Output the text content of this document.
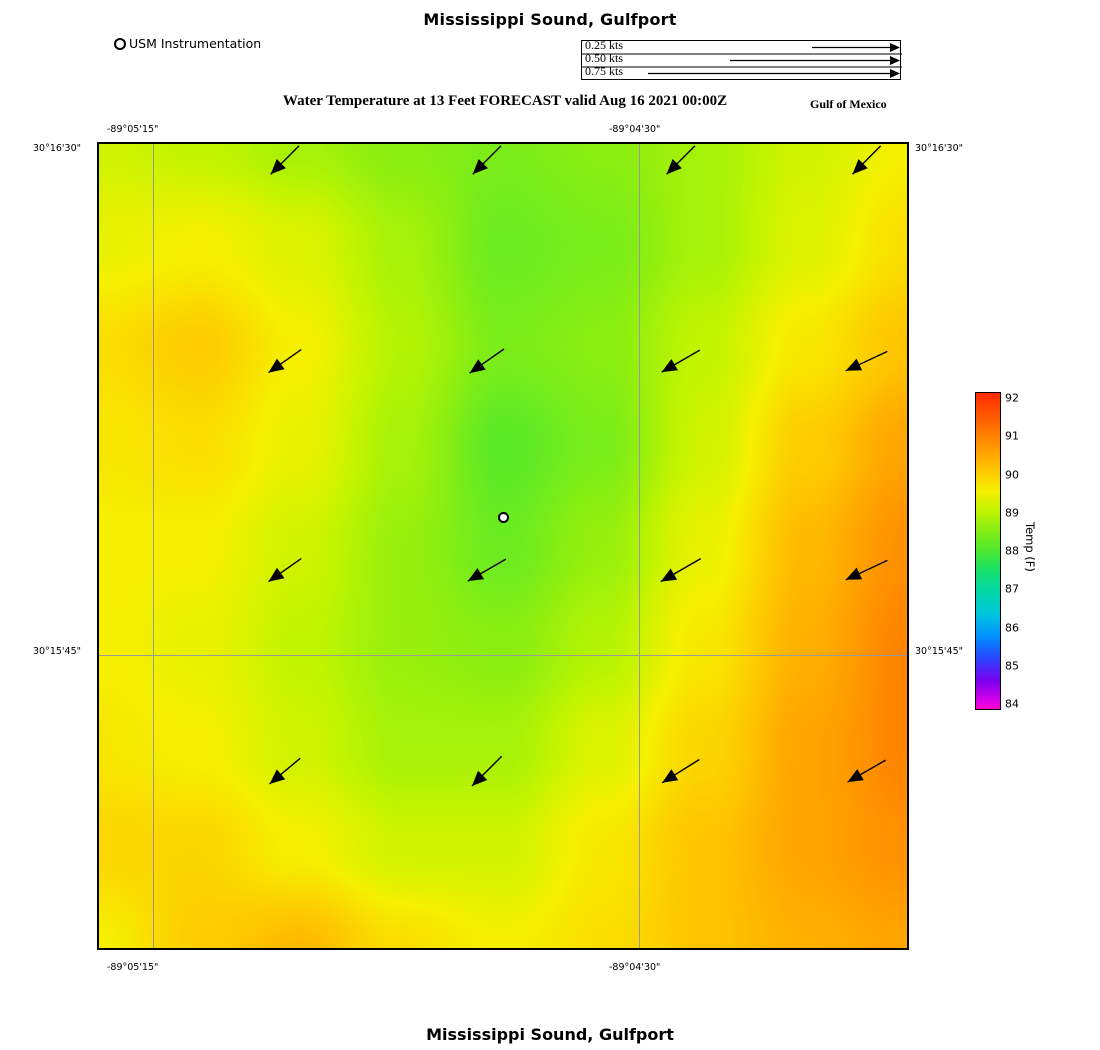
Mississippi Sound, Gulfport
Mississippi Sound, Gulfport
Water Temperature at 13 Feet FORECAST valid Aug 16 2021 00:00Z	Gulf of Mexico
USM Instrumentation	0.25 kts
0.50 kts
0.75 kts
-89°05'15"	-89°04'30"
30°16'30"
30°15'45"
30°16'30"
30°15'45"
-89°05'15"	-89°04'30"
92
91
90
89
88
87
86
85
84
Temp (F)
